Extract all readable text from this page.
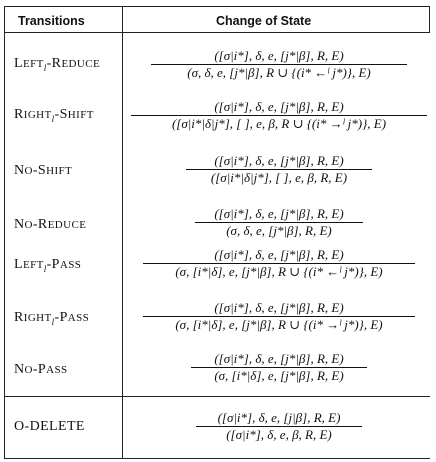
Transitions	Change of State
$LEFT_l$-REDUCE
([σ|i*], δ, e, [j*|β], R, E)
(σ, δ, e, [j*|β], R ∪ {(i* ←ˡ j*)}, E)
$RIGHT_l$-SHIFT
([σ|i*], δ, e, [j*|β], R, E)
([σ|i*|δ|j*], [ ], e, β, R ∪ {(i* →ˡ j*)}, E)
NO-SHIFT
([σ|i*], δ, e, [j*|β], R, E)
([σ|i*|δ|j*], [ ], e, β, R, E)
NO-REDUCE
([σ|i*], δ, e, [j*|β], R, E)
(σ, δ, e, [j*|β], R, E)
$LEFT_l$-PASS
([σ|i*], δ, e, [j*|β], R, E)
(σ, [i*|δ], e, [j*|β], R ∪ {(i* ←ˡ j*)}, E)
$RIGHT_l$-PASS
([σ|i*], δ, e, [j*|β], R, E)
(σ, [i*|δ], e, [j*|β], R ∪ {(i* →ˡ j*)}, E)
NO-PASS
([σ|i*], δ, e, [j*|β], R, E)
(σ, [i*|δ], e, [j*|β], R, E)
O-DELETE
([σ|i*], δ, e, [j|β], R, E)
([σ|i*], δ, e, β, R, E)
